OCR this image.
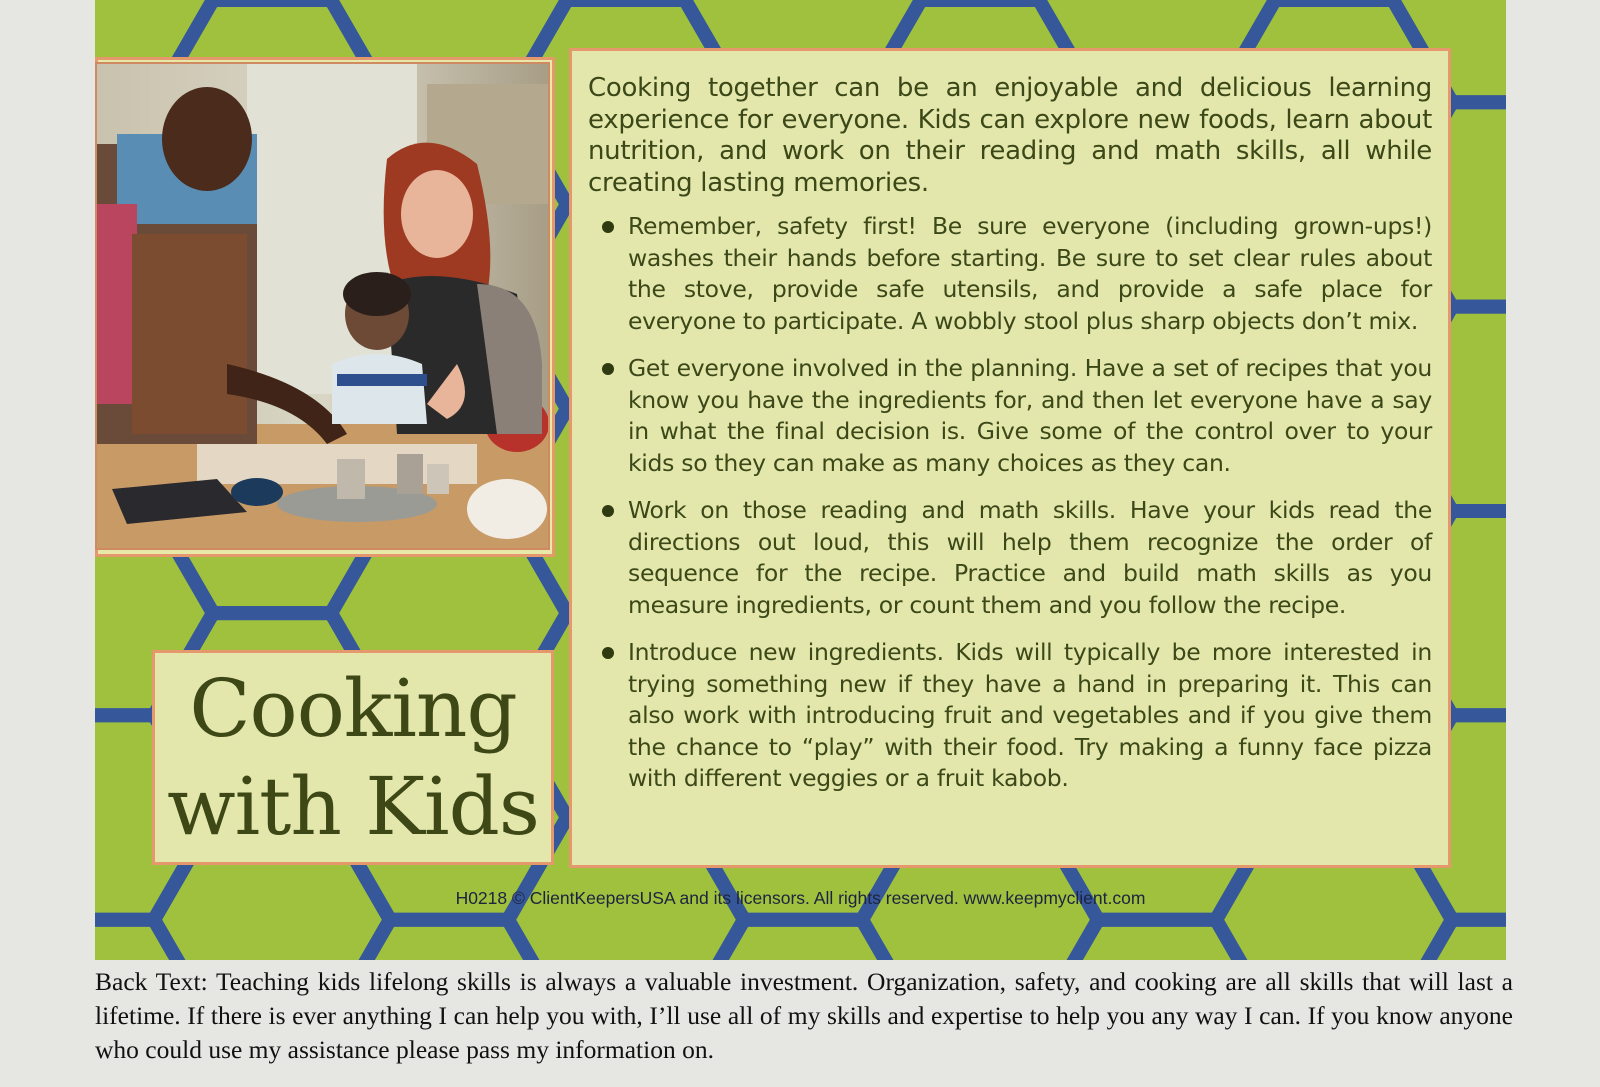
Cooking
with Kids

Cooking together can be an enjoyable and delicious learning experience for everyone. Kids can explore new foods, learn about nutrition, and work on their reading and math skills, all while creating lasting memories.

Remember, safety first! Be sure everyone (including grown-ups!) washes their hands before starting. Be sure to set clear rules about the stove, provide safe utensils, and provide a safe place for everyone to participate. A wobbly stool plus sharp objects don’t mix.
Get everyone involved in the planning. Have a set of recipes that you know you have the ingredients for, and then let everyone have a say in what the final decision is. Give some of the control over to your kids so they can make as many choices as they can.
Work on those reading and math skills. Have your kids read the directions out loud, this will help them recognize the order of sequence for the recipe. Practice and build math skills as you measure ingredients, or count them and you follow the recipe.
Introduce new ingredients. Kids will typically be more interested in trying something new if they have a hand in preparing it. This can also work with introducing fruit and vegetables and if you give them the chance to “play” with their food. Try making a funny face pizza with different veggies or a fruit kabob.
H0218 © ClientKeepersUSA and its licensors. All rights reserved. www.keepmyclient.com
Back Text: Teaching kids lifelong skills is always a valuable investment. Organization, safety, and cooking are all skills that will last a lifetime. If there is ever anything I can help you with, I’ll use all of my skills and expertise to help you any way I can. If you know anyone who could use my assistance please pass my information on.
